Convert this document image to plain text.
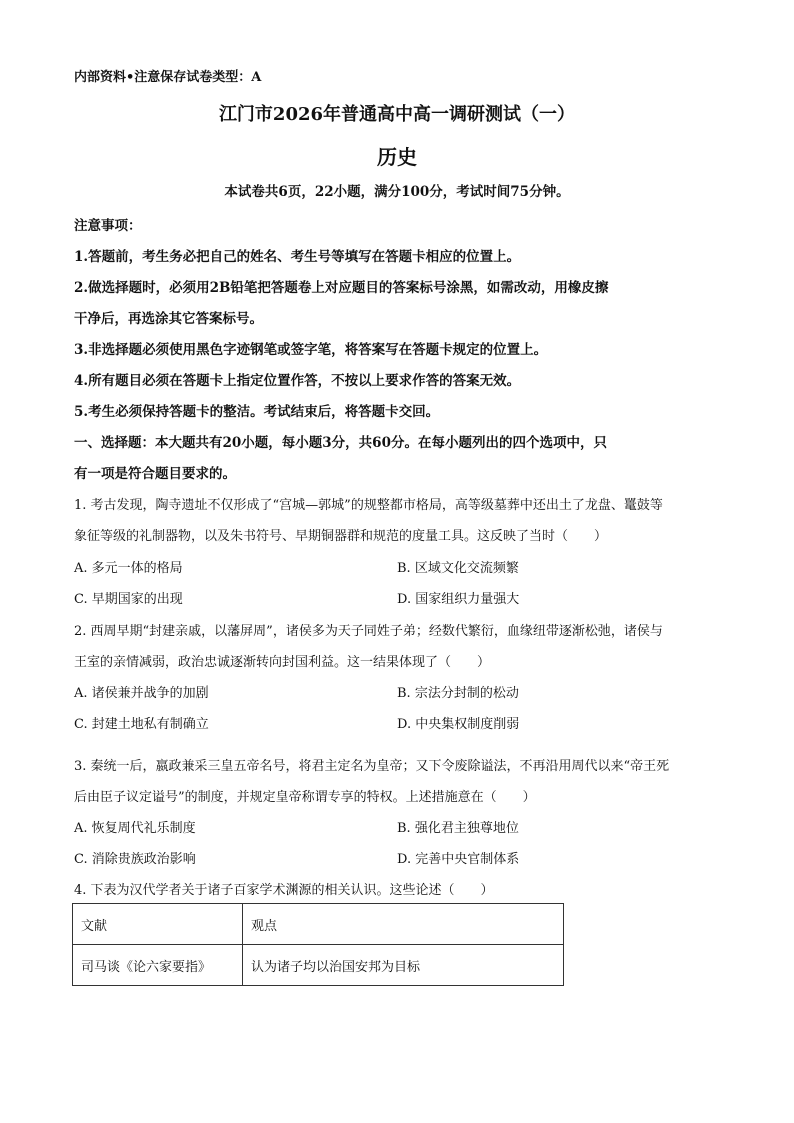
内部资料•注意保存试卷类型：A
江门市2026年普通高中高一调研测试（一）
历史
本试卷共6页，22小题，满分100分，考试时间75分钟。
注意事项：
1.答题前，考生务必把自己的姓名、考生号等填写在答题卡相应的位置上。
2.做选择题时，必须用2B铅笔把答题卷上对应题目的答案标号涂黑，如需改动，用橡皮擦
干净后，再选涂其它答案标号。
3.非选择题必须使用黑色字迹钢笔或签字笔，将答案写在答题卡规定的位置上。
4.所有题目必须在答题卡上指定位置作答，不按以上要求作答的答案无效。
5.考生必须保持答题卡的整洁。考试结束后，将答题卡交回。
一、选择题：本大题共有20小题，每小题3分，共60分。在每小题列出的四个选项中，只
有一项是符合题目要求的。
1. 考古发现，陶寺遗址不仅形成了“宫城—郭城”的规整都市格局，高等级墓葬中还出土了龙盘、鼍鼓等
象征等级的礼制器物，以及朱书符号、早期铜器群和规范的度量工具。这反映了当时（　　）
A. 多元一体的格局	B. 区域文化交流频繁
C. 早期国家的出现	D. 国家组织力量强大
2. 西周早期“封建亲戚，以藩屏周”，诸侯多为天子同姓子弟；经数代繁衍，血缘纽带逐渐松弛，诸侯与
王室的亲情减弱，政治忠诚逐渐转向封国利益。这一结果体现了（　　）
A. 诸侯兼并战争的加剧	B. 宗法分封制的松动
C. 封建土地私有制确立	D. 中央集权制度削弱
3. 秦统一后，嬴政兼采三皇五帝名号，将君主定名为皇帝；又下令废除谥法，不再沿用周代以来“帝王死
后由臣子议定谥号”的制度，并规定皇帝称谓专享的特权。上述措施意在（　　）
A. 恢复周代礼乐制度	B. 强化君主独尊地位
C. 消除贵族政治影响	D. 完善中央官制体系
4. 下表为汉代学者关于诸子百家学术渊源的相关认识。这些论述（　　）
文献	观点
司马谈《论六家要指》	认为诸子均以治国安邦为目标
